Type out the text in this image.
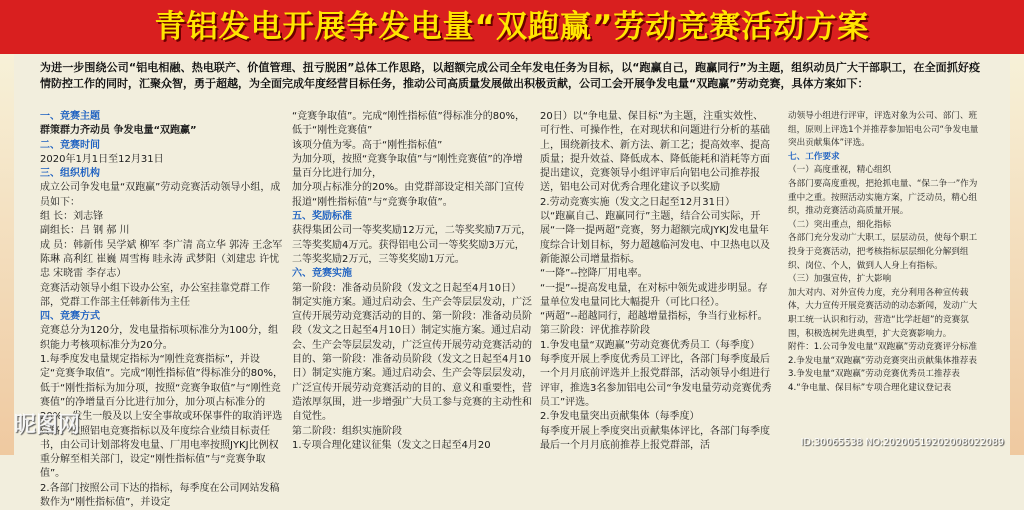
青铝发电开展争发电量“双跑赢”劳动竞赛活动方案
为进一步围绕公司“铝电相融、热电联产、价值管理、扭亏脱困”总体工作思路，以超额完成公司全年发电任务为目标，以“跑赢自己，跑赢同行”为主题，组织动员广大干部职工，在全面抓好疫情防控工作的同时，汇聚众智，勇于超越，为全面完成年度经营目标任务，推动公司高质量发展做出积极贡献，公司工会开展争发电量“双跑赢”劳动竞赛，具体方案如下：

一、竞赛主题

群策群力齐动员 争发电量“双跑赢”

二、竞赛时间

2020年1月1日至12月31日

三、组织机构

成立公司争发电量“双跑赢”劳动竞赛活动领导小组，成员如下：

组 长：刘志锋

副组长：吕 钢 郝 川

成 员：韩新伟 吴学斌 柳军 李广清 高立华 郭涛 王念军 陈琳 高利红 崔巍 周雪梅 眭永涛 武梦阳（刘建忠 许忧忠 宋晓雷 李存志）

竞赛活动领导小组下设办公室，办公室挂靠党群工作部，党群工作部主任韩新伟为主任

四、竞赛方式

竞赛总分为120分，发电量指标项标准分为100分，组织能力考核项标准分为20分。

1.每季度发电量规定指标为“刚性竞赛指标”，并设定“竞赛争取值”。完成“刚性指标值”得标准分的80%，低于“刚性指标为加分项，按照“竞赛争取值”与“刚性竞赛值”的净增量百分比进行加分，加分项占标准分的20%。发生一般及以上安全事故或环保事件的取消评选资格。依照铝电竞赛指标以及年度综合业绩目标责任书，由公司计划部将发电量、厂用电率按照JYKJ比例权重分解至相关部门，设定“刚性指标值”与“竞赛争取值”。

2.各部门按照公司下达的指标，每季度在公司网站发稿数作为“刚性指标值”，并设定

“竞赛争取值”。完成“刚性指标值”得标准分的80%，低于“刚性竞赛值”

该项分值为零。高于“刚性指标值”

为加分项，按照“竞赛争取值”与“刚性竞赛值”的净增量百分比进行加分，

加分项占标准分的20%。由党群部设定相关部门宣传报道“刚性指标值”与“竞赛争取值”。

五、奖励标准

获得集团公司一等奖奖励12万元，二等奖奖励7万元，三等奖奖励4万元。获得铝电公司一等奖奖励3万元，二等奖奖励2万元，三等奖奖励1万元。

六、竞赛实施

第一阶段：准备动员阶段（发文之日起至4月10日）

制定实施方案。通过启动会、生产会等层层发动，广泛宣传开展劳动竞赛活动的目的、第一阶段：准备动员阶段（发文之日起至4月10日）制定实施方案。通过启动会、生产会等层层发动，广泛宣传开展劳动竞赛活动的目的、第一阶段：准备动员阶段（发文之日起至4月10日）制定实施方案。通过启动会、生产会等层层发动，广泛宣传开展劳动竞赛活动的目的、意义和重要性，营造浓厚氛围，进一步增强广大员工参与竞赛的主动性和自觉性。

第二阶段：组织实施阶段

1.专项合理化建议征集（发文之日起至4月20

20日）以“争电量、保目标”为主题，注重实效性、可行性、可操作性，在对现状和问题进行分析的基础上，围绕新技术、新方法、新工艺；提高效率、提高质量；提升效益、降低成本、降低能耗和消耗等方面提出建议，竞赛领导小组评审后向铝电公司推荐报送，铝电公司对优秀合理化建议予以奖励

2.劳动竞赛实施（发文之日起至12月31日）

以“跑赢自己、跑赢同行”主题，结合公司实际，开展“一降一提两超”竞赛，努力超额完成JYKJ发电量年度综合计划目标，努力超越临河发电、中卫热电以及新能源公司增量指标。

“一降”--控降厂用电率。

“一提”--提高发电量，在对标中领先或进步明显。存量单位发电量同比大幅提升（可比口径）。

“两超”--超越同行，超越增量指标，争当行业标杆。

第三阶段：评优推荐阶段

1.争发电量“双跑赢”劳动竞赛优秀员工（每季度）

每季度开展上季度优秀员工评比，各部门每季度最后一个月月底前评选并上报党群部，活动领导小组进行评审，推选3名参加铝电公司“争发电量劳动竞赛优秀员工”评选。

2.争发电量突出贡献集体（每季度）

每季度开展上季度突出贡献集体评比，各部门每季度最后一个月月底前推荐上报党群部，活

动领导小组进行评审，评选对象为公司、部门、班组，原则上评选1个并推荐参加铝电公司“争发电量突出贡献集体”评选。

七、工作要求

（一）高度重视，精心组织

各部门要高度重视，把抢抓电量、“保二争一”作为重中之重。按照活动实施方案，广泛动员，精心组织，推动竞赛活动高质量开展。

（二）突出重点，细化指标

各部门充分发动广大职工，层层动员，使每个职工投身于竞赛活动，把考核指标层层细化分解到组织、岗位、个人，做到人人身上有指标。

（三）加强宣传，扩大影响

加大对内、对外宣传力度，充分利用各种宣传载体，大力宣传开展竞赛活动的动态新闻，发动广大职工统一认识和行动，营造“比学赶超”的竞赛氛围，积极选树先进典型，扩大竞赛影响力。

附件：1.公司争发电量“双跑赢”劳动竞赛评分标准

2.争发电量“双跑赢”劳动竞赛突出贡献集体推荐表

3.争发电量“双跑赢”劳动竞赛优秀员工推荐表

4.“争电量、保目标”专项合理化建议登记表

昵图网
ID:30065538 NO:20200519202008022089
